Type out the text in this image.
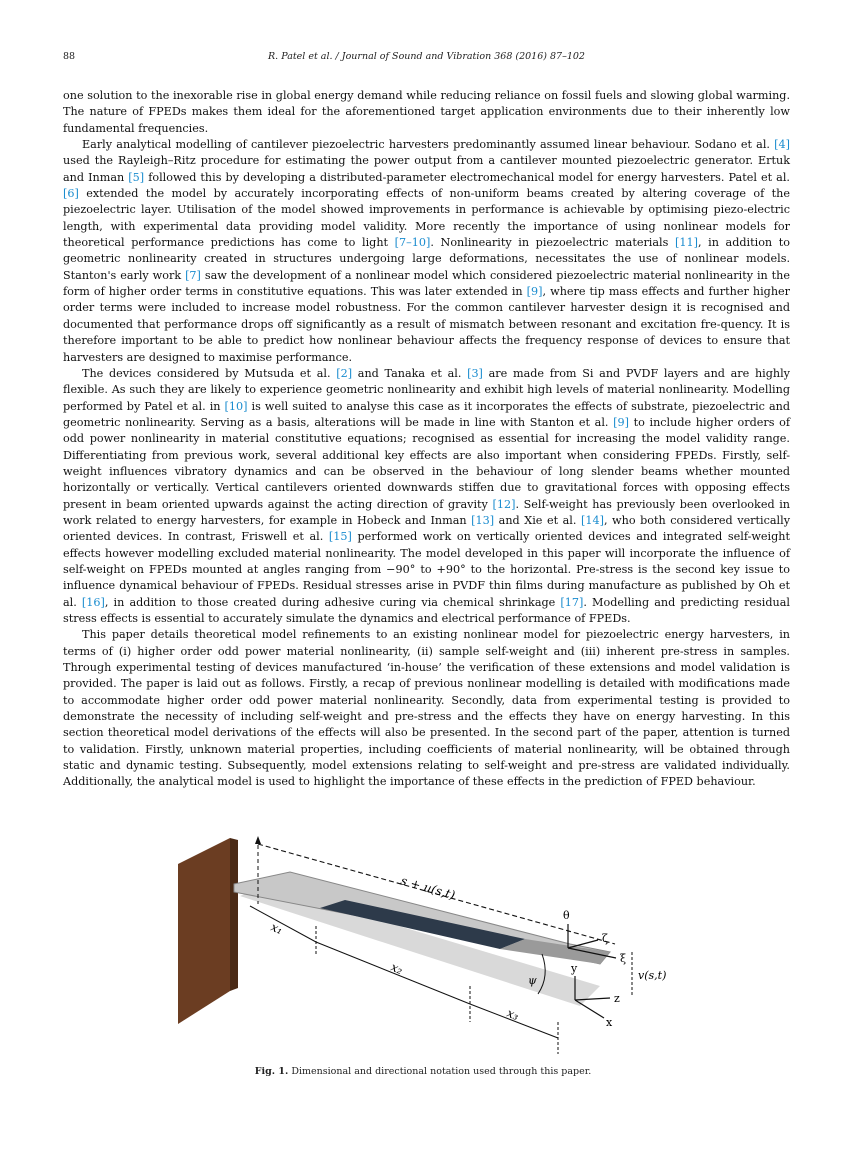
88	R. Patel et al. / Journal of Sound and Vibration 368 (2016) 87–102

one solution to the inexorable rise in global energy demand while reducing reliance on fossil fuels and slowing global warming. The nature of FPEDs makes them ideal for the aforementioned target application environments due to their inherently low fundamental frequencies.

Early analytical modelling of cantilever piezoelectric harvesters predominantly assumed linear behaviour. Sodano et al. [4] used the Rayleigh–Ritz procedure for estimating the power output from a cantilever mounted piezoelectric generator. Ertuk and Inman [5] followed this by developing a distributed-parameter electromechanical model for energy harvesters. Patel et al. [6] extended the model by accurately incorporating effects of non-uniform beams created by altering coverage of the piezoelectric layer. Utilisation of the model showed improvements in performance is achievable by optimising piezo-electric length, with experimental data providing model validity. More recently the importance of using nonlinear models for theoretical performance predictions has come to light [7–10]. Nonlinearity in piezoelectric materials [11], in addition to geometric nonlinearity created in structures undergoing large deformations, necessitates the use of nonlinear models. Stanton's early work [7] saw the development of a nonlinear model which considered piezoelectric material nonlinearity in the form of higher order terms in constitutive equations. This was later extended in [9], where tip mass effects and further higher order terms were included to increase model robustness. For the common cantilever harvester design it is recognised and documented that performance drops off significantly as a result of mismatch between resonant and excitation fre-quency. It is therefore important to be able to predict how nonlinear behaviour affects the frequency response of devices to ensure that harvesters are designed to maximise performance.

The devices considered by Mutsuda et al. [2] and Tanaka et al. [3] are made from Si and PVDF layers and are highly flexible. As such they are likely to experience geometric nonlinearity and exhibit high levels of material nonlinearity. Modelling performed by Patel et al. in [10] is well suited to analyse this case as it incorporates the effects of substrate, piezoelectric and geometric nonlinearity. Serving as a basis, alterations will be made in line with Stanton et al. [9] to include higher orders of odd power nonlinearity in material constitutive equations; recognised as essential for increasing the model validity range. Differentiating from previous work, several additional key effects are also important when considering FPEDs. Firstly, self-weight influences vibratory dynamics and can be observed in the behaviour of long slender beams whether mounted horizontally or vertically. Vertical cantilevers oriented downwards stiffen due to gravitational forces with opposing effects present in beam oriented upwards against the acting direction of gravity [12]. Self-weight has previously been overlooked in work related to energy harvesters, for example in Hobeck and Inman [13] and Xie et al. [14], who both considered vertically oriented devices. In contrast, Friswell et al. [15] performed work on vertically oriented devices and integrated self-weight effects however modelling excluded material nonlinearity. The model developed in this paper will incorporate the influence of self-weight on FPEDs mounted at angles ranging from −90° to +90° to the horizontal. Pre-stress is the second key issue to influence dynamical behaviour of FPEDs. Residual stresses arise in PVDF thin films during manufacture as published by Oh et al. [16], in addition to those created during adhesive curing via chemical shrinkage [17]. Modelling and predicting residual stress effects is essential to accurately simulate the dynamics and electrical performance of FPEDs.

This paper details theoretical model refinements to an existing nonlinear model for piezoelectric energy harvesters, in terms of (i) higher order odd power material nonlinearity, (ii) sample self-weight and (iii) inherent pre-stress in samples. Through experimental testing of devices manufactured ‘in-house’ the verification of these extensions and model validation is provided. The paper is laid out as follows. Firstly, a recap of previous nonlinear modelling is detailed with modifications made to accommodate higher order odd power material nonlinearity. Secondly, data from experimental testing is provided to demonstrate the necessity of including self-weight and pre-stress and the effects they have on energy harvesting. In this section theoretical model derivations of the effects will also be presented. In the second part of the paper, attention is turned to validation. Firstly, unknown material properties, including coefficients of material nonlinearity, will be obtained through static and dynamic testing. Subsequently, model extensions relating to self-weight and pre-stress are validated individually. Additionally, the analytical model is used to highlight the importance of these effects in the prediction of FPED behaviour.

s + u(s,t)
x₁
x₂
x₃
θ
ζ
ξ
ψ
y
z
x
v(s,t)
Fig. 1. Dimensional and directional notation used through this paper.
